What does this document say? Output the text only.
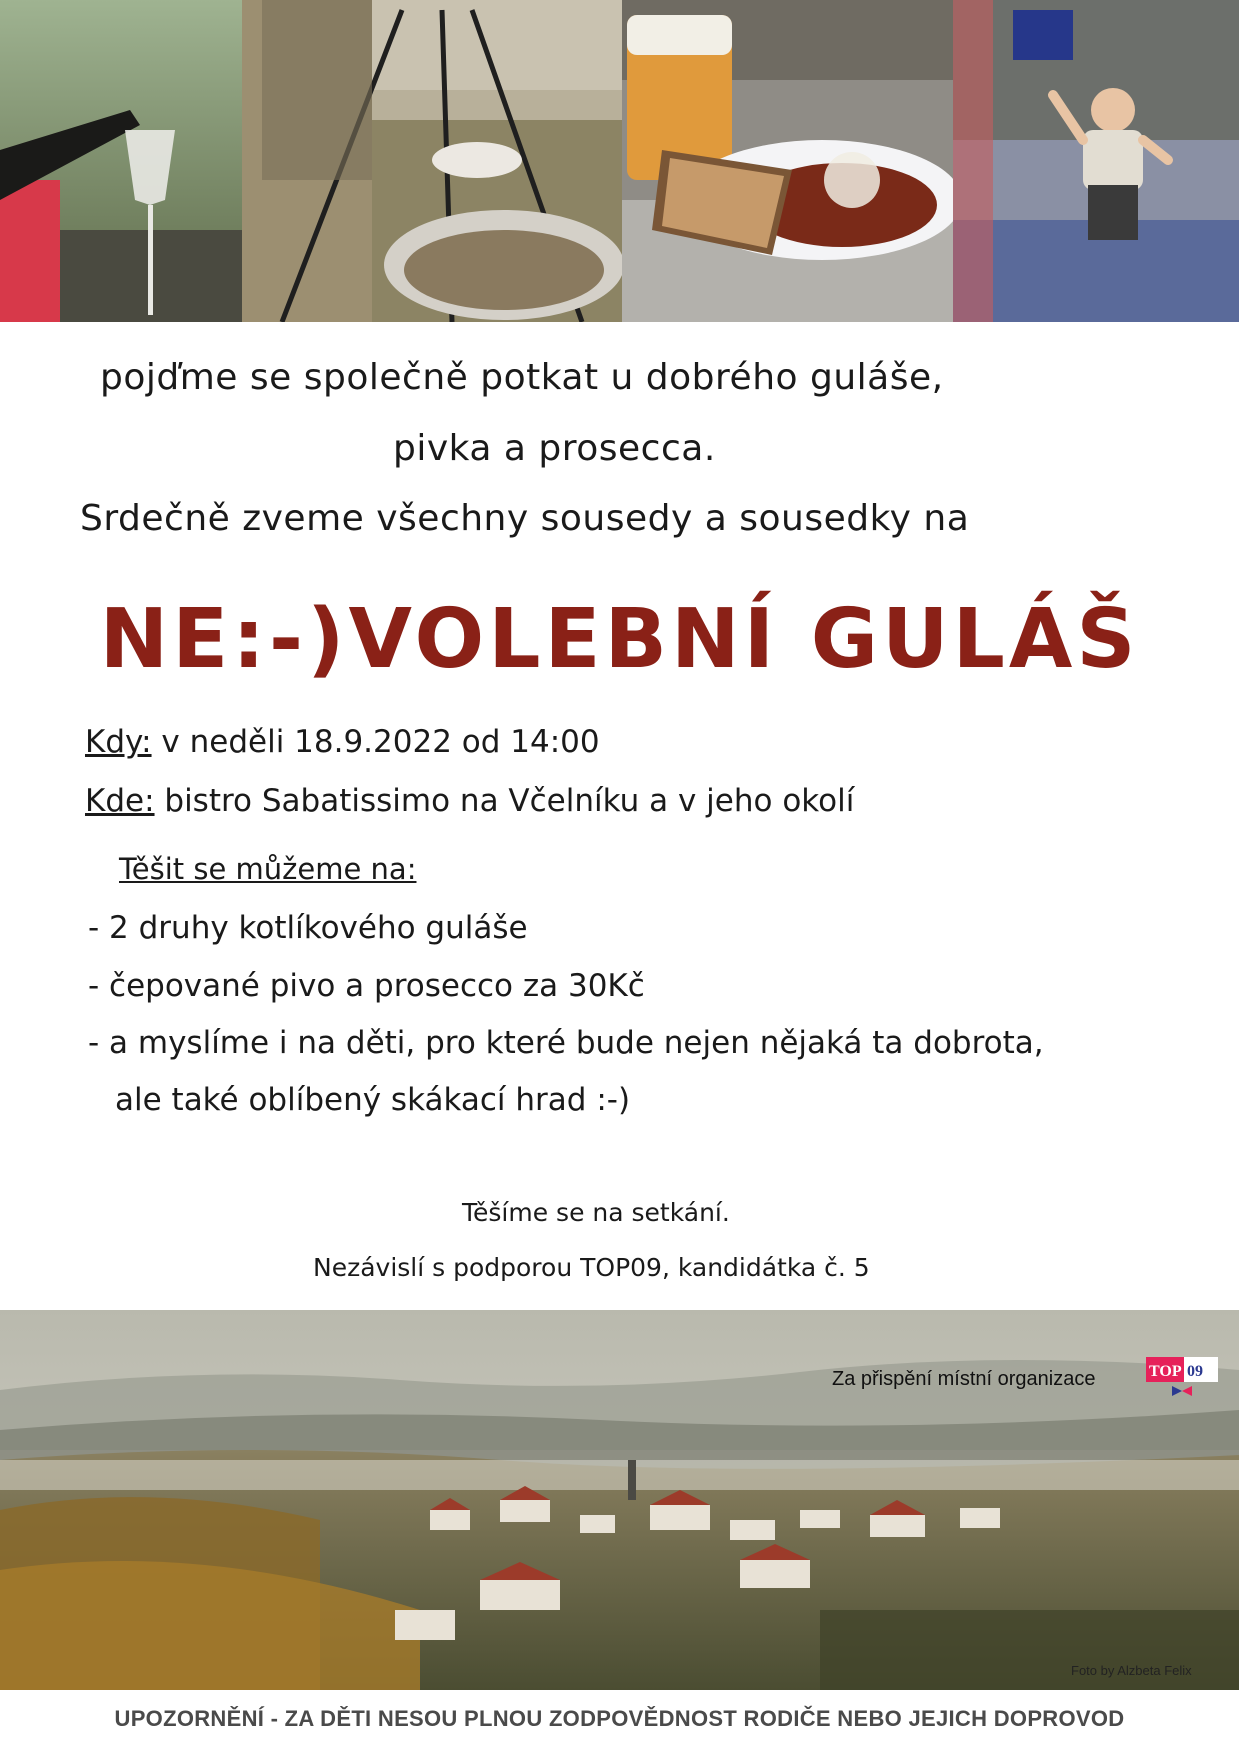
pojďme se společně potkat u dobrého guláše,
pivka a prosecca.
Srdečně zveme všechny sousedy a sousedky na
NE:-)VOLEBNÍ GULÁŠ
Kdy: v neděli 18.9.2022 od 14:00
Kde: bistro Sabatissimo na Včelníku a v jeho okolí
Těšit se můžeme na:
- 2 druhy kotlíkového guláše
- čepované pivo a prosecco za 30Kč
- a myslíme i na děti, pro které bude nejen nějaká ta dobrota,
ale také oblíbený skákací hrad :-)
Těšíme se na setkání.
Nezávislí s podporou TOP09, kandidátka č. 5
Za přispění místní organizace	TOP 09
Foto by Alzbeta Felix
UPOZORNĚNÍ - ZA DĚTI NESOU PLNOU ZODPOVĚDNOST RODIČE NEBO JEJICH DOPROVOD
